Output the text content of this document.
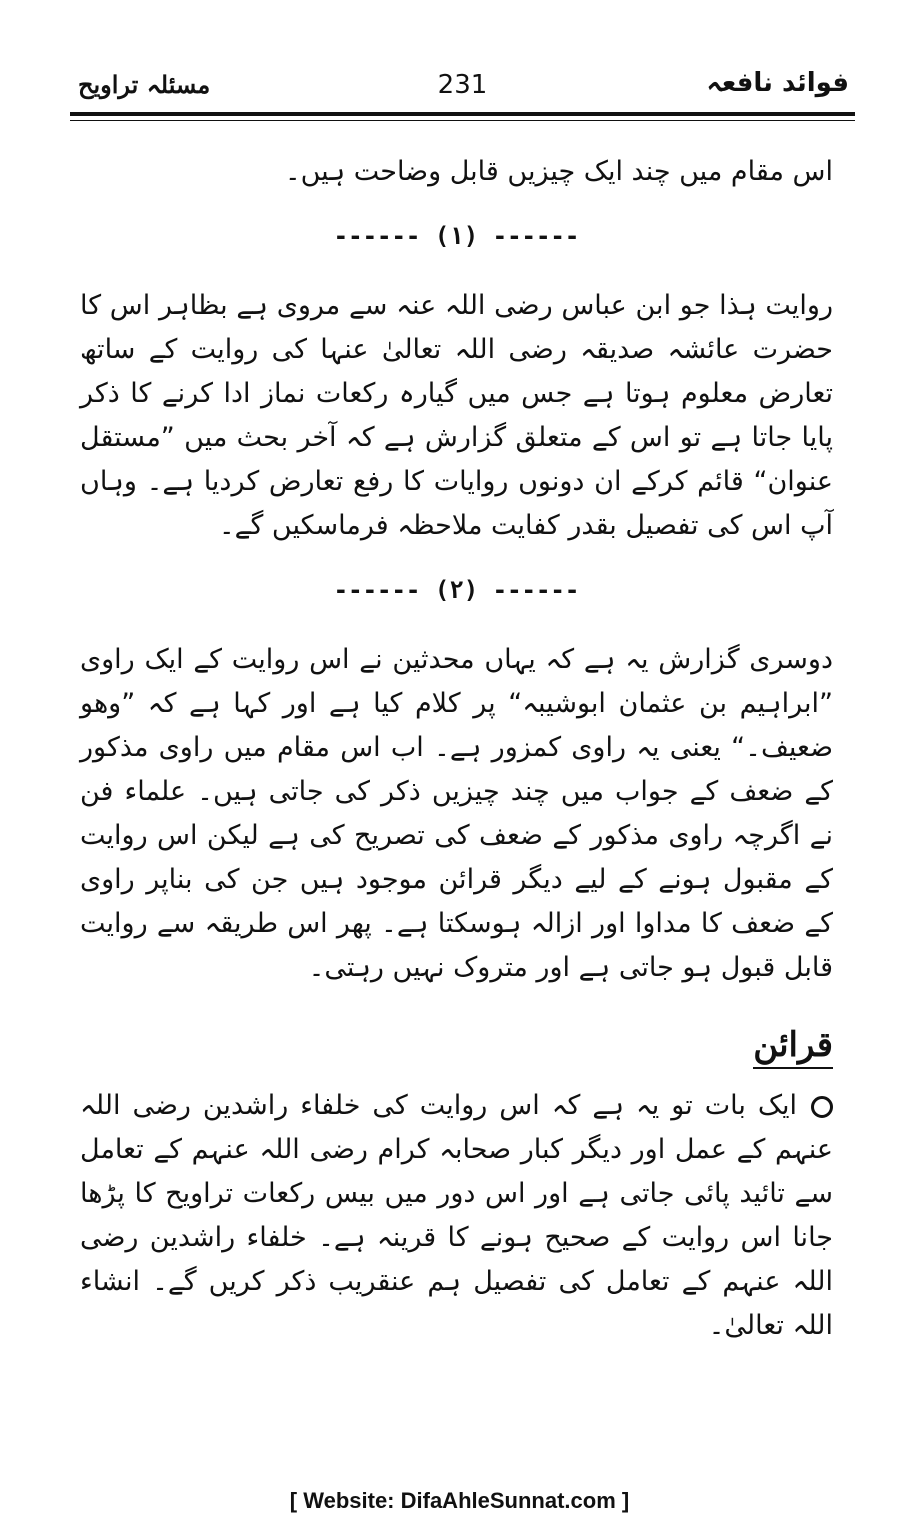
مسئلہ تراویح	231	فوائد نافعہ

اس مقام میں چند ایک چیزیں قابل وضاحت ہیں۔

------ (۱) ------

روایت ہذا جو ابن عباس رضی اللہ عنہ سے مروی ہے بظاہر اس کا حضرت عائشہ صدیقہ رضی اللہ تعالیٰ عنہا کی روایت کے ساتھ تعارض معلوم ہوتا ہے جس میں گیارہ رکعات نماز ادا کرنے کا ذکر پایا جاتا ہے تو اس کے متعلق گزارش ہے کہ آخر بحث میں ”مستقل عنوان“ قائم کرکے ان دونوں روایات کا رفع تعارض کردیا ہے۔ وہاں آپ اس کی تفصیل بقدر کفایت ملاحظہ فرماسکیں گے۔

------ (۲) ------

دوسری گزارش یہ ہے کہ یہاں محدثین نے اس روایت کے ایک راوی ”ابراہیم بن عثمان ابوشیبہ“ پر کلام کیا ہے اور کہا ہے کہ ”وھو ضعیف۔“ یعنی یہ راوی کمزور ہے۔ اب اس مقام میں راوی مذکور کے ضعف کے جواب میں چند چیزیں ذکر کی جاتی ہیں۔ علماء فن نے اگرچہ راوی مذکور کے ضعف کی تصریح کی ہے لیکن اس روایت کے مقبول ہونے کے لیے دیگر قرائن موجود ہیں جن کی بناپر راوی کے ضعف کا مداوا اور ازالہ ہوسکتا ہے۔ پھر اس طریقہ سے روایت قابل قبول ہو جاتی ہے اور متروک نہیں رہتی۔

قرائن

ایک بات تو یہ ہے کہ اس روایت کی خلفاء راشدین رضی اللہ عنہم کے عمل اور دیگر کبار صحابہ کرام رضی اللہ عنہم کے تعامل سے تائید پائی جاتی ہے اور اس دور میں بیس رکعات تراویح کا پڑھا جانا اس روایت کے صحیح ہونے کا قرینہ ہے۔ خلفاء راشدین رضی اللہ عنہم کے تعامل کی تفصیل ہم عنقریب ذکر کریں گے۔ انشاء اللہ تعالیٰ۔

[ Website: DifaAhleSunnat.com ]
